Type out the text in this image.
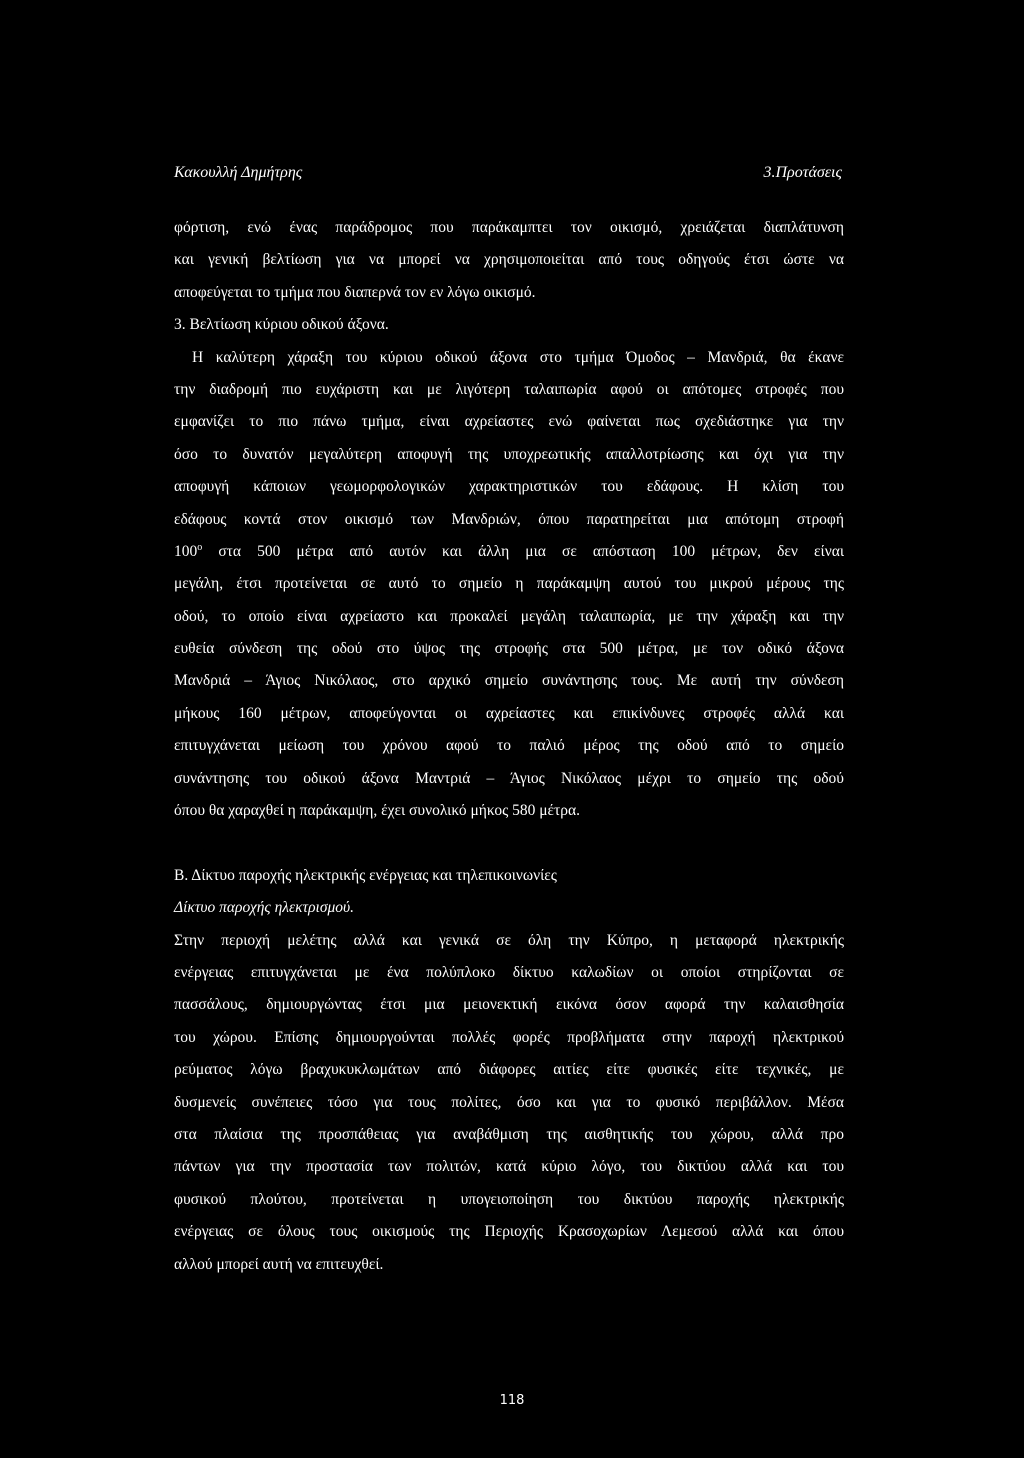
Κακουλλή Δημήτρης	3.Προτάσεις
φόρτιση, ενώ ένας παράδρομος που παράκαμπτει τον οικισμό, χρειάζεται διαπλάτυνση
και γενική βελτίωση για να μπορεί να χρησιμοποιείται από τους οδηγούς έτσι ώστε να
αποφεύγεται το τμήμα που διαπερνά τον εν λόγω οικισμό.
3. Βελτίωση κύριου οδικού άξονα.
Η καλύτερη χάραξη του κύριου οδικού άξονα στο τμήμα Όμοδος – Μανδριά, θα έκανε
την διαδρομή πιο ευχάριστη και με λιγότερη ταλαιπωρία αφού οι απότομες στροφές που
εμφανίζει το πιο πάνω τμήμα, είναι αχρείαστες ενώ φαίνεται πως σχεδιάστηκε για την
όσο το δυνατόν μεγαλύτερη αποφυγή της υποχρεωτικής απαλλοτρίωσης και όχι για την
αποφυγή κάποιων γεωμορφολογικών χαρακτηριστικών του εδάφους. Η κλίση του
εδάφους κοντά στον οικισμό των Μανδριών, όπου παρατηρείται μια απότομη στροφή
100$^o$ στα 500 μέτρα από αυτόν και άλλη μια σε απόσταση 100 μέτρων, δεν είναι
μεγάλη, έτσι προτείνεται σε αυτό το σημείο η παράκαμψη αυτού του μικρού μέρους της
οδού, το οποίο είναι αχρείαστο και προκαλεί μεγάλη ταλαιπωρία, με την χάραξη και την
ευθεία σύνδεση της οδού στο ύψος της στροφής στα 500 μέτρα, με τον οδικό άξονα
Μανδριά – Άγιος Νικόλαος, στο αρχικό σημείο συνάντησης τους. Με αυτή την σύνδεση
μήκους 160 μέτρων, αποφεύγονται οι αχρείαστες και επικίνδυνες στροφές αλλά και
επιτυγχάνεται μείωση του χρόνου αφού το παλιό μέρος της οδού από το σημείο
συνάντησης του οδικού άξονα Μαντριά – Άγιος Νικόλαος μέχρι το σημείο της οδού
όπου θα χαραχθεί η παράκαμψη, έχει συνολικό μήκος 580 μέτρα.
Β. Δίκτυο παροχής ηλεκτρικής ενέργειας και τηλεπικοινωνίες
Δίκτυο παροχής ηλεκτρισμού.
Στην περιοχή μελέτης αλλά και γενικά σε όλη την Κύπρο, η μεταφορά ηλεκτρικής
ενέργειας επιτυγχάνεται με ένα πολύπλοκο δίκτυο καλωδίων οι οποίοι στηρίζονται σε
πασσάλους, δημιουργώντας έτσι μια μειονεκτική εικόνα όσον αφορά την καλαισθησία
του χώρου. Επίσης δημιουργούνται πολλές φορές προβλήματα στην παροχή ηλεκτρικού
ρεύματος λόγω βραχυκυκλωμάτων από διάφορες αιτίες είτε φυσικές είτε τεχνικές, με
δυσμενείς συνέπειες τόσο για τους πολίτες, όσο και για το φυσικό περιβάλλον. Μέσα
στα πλαίσια της προσπάθειας για αναβάθμιση της αισθητικής του χώρου, αλλά προ
πάντων για την προστασία των πολιτών, κατά κύριο λόγο, του δικτύου αλλά και του
φυσικού πλούτου, προτείνεται η υπογειοποίηση του δικτύου παροχής ηλεκτρικής
ενέργειας σε όλους τους οικισμούς της Περιοχής Κρασοχωρίων Λεμεσού αλλά και όπου
αλλού μπορεί αυτή να επιτευχθεί.
118
